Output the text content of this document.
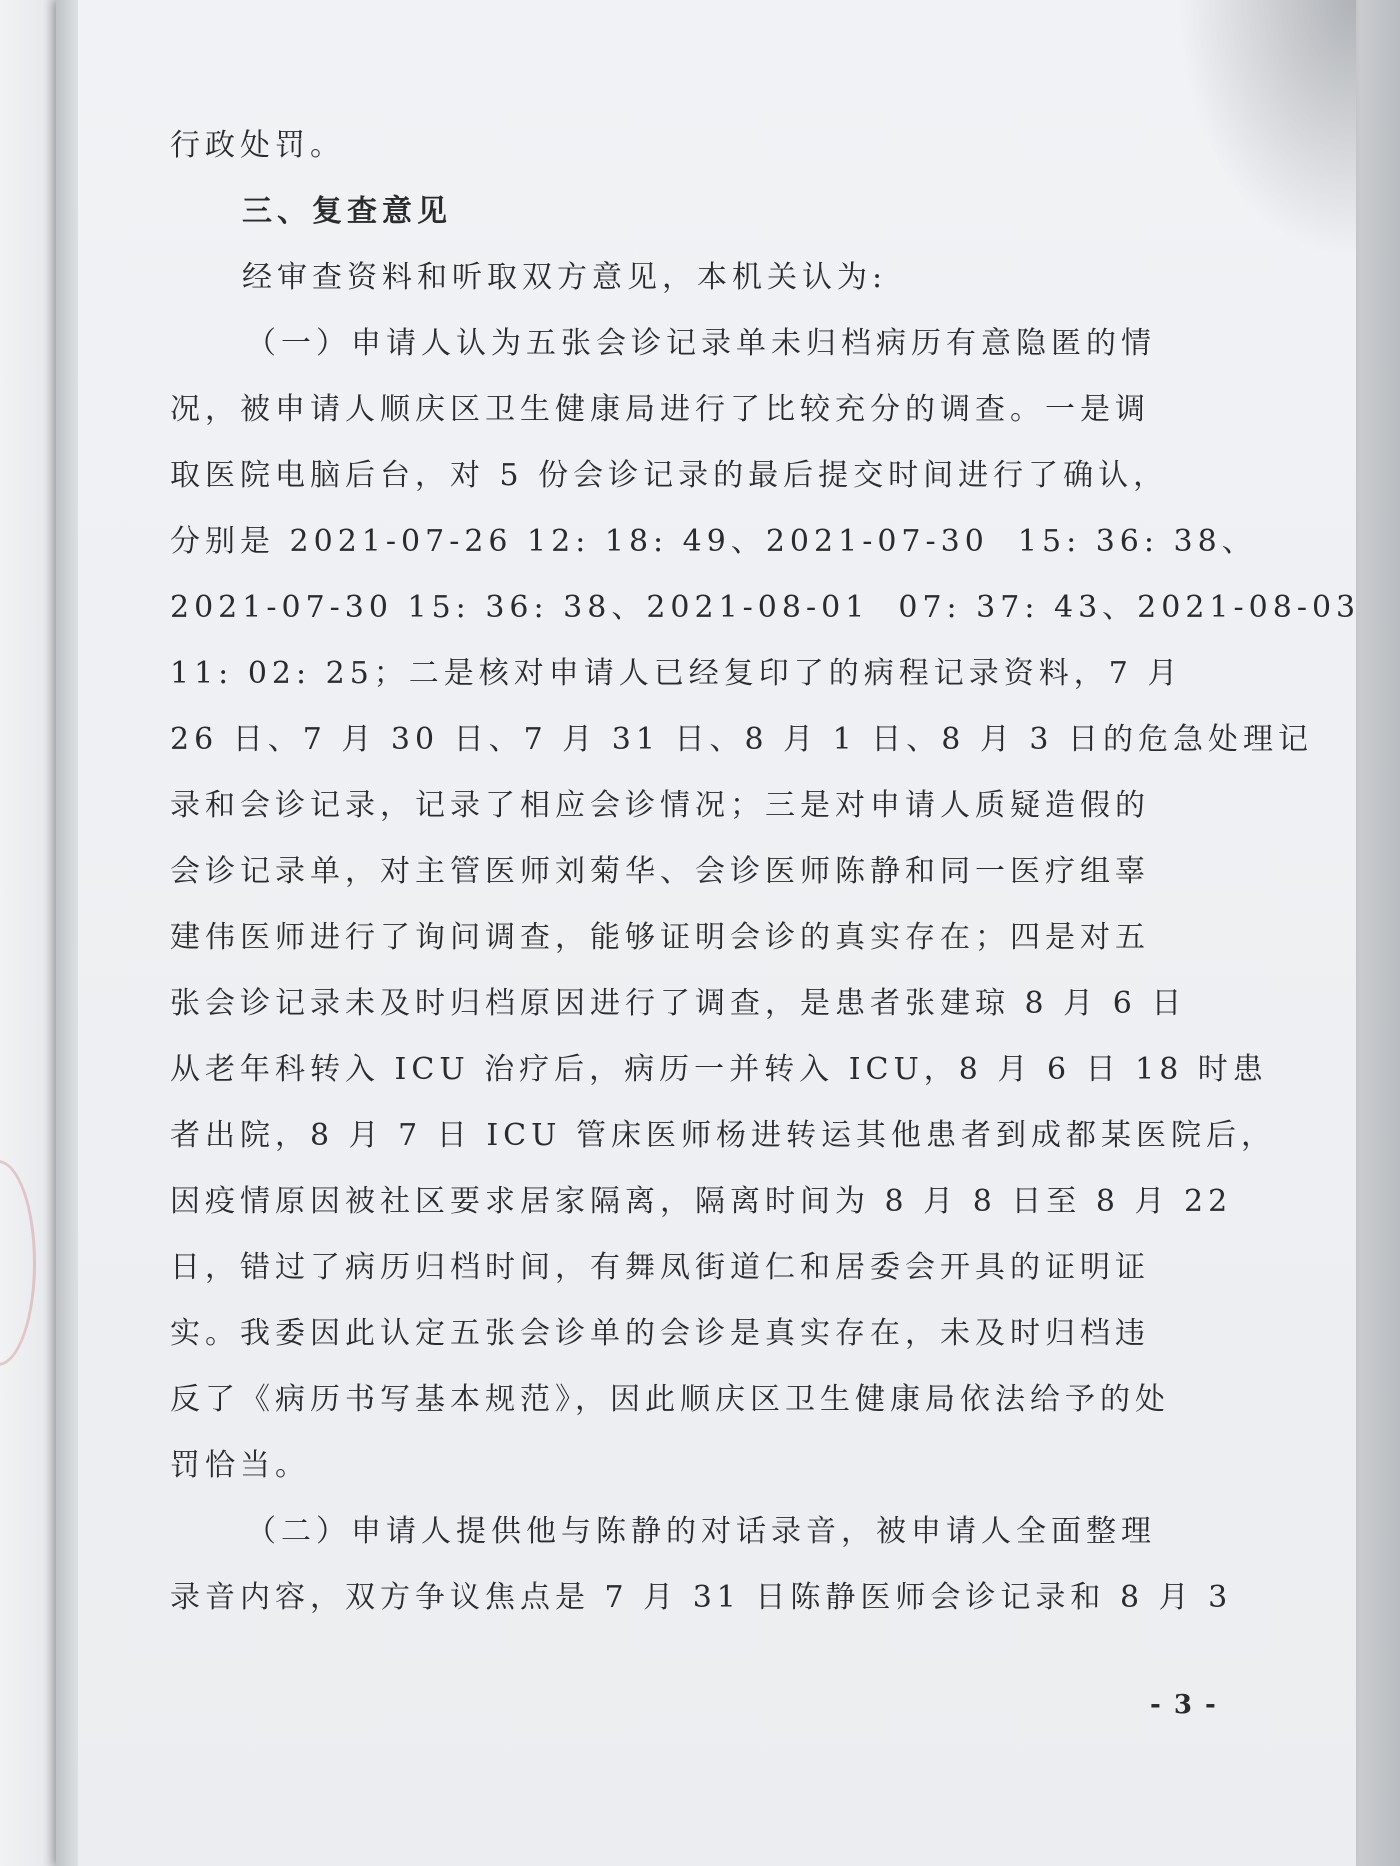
行政处罚。
三、复查意见
经审查资料和听取双方意见，本机关认为:
（一）申请人认为五张会诊记录单未归档病历有意隐匿的情
况，被申请人顺庆区卫生健康局进行了比较充分的调查。一是调
取医院电脑后台，对 5 份会诊记录的最后提交时间进行了确认，
分别是 2021-07-26 12: 18: 49、2021-07-30  15: 36: 38、
2021-07-30 15: 36: 38、2021-08-01  07: 37: 43、2021-08-03
11: 02: 25；二是核对申请人已经复印了的病程记录资料，7 月
26 日、7 月 30 日、7 月 31 日、8 月 1 日、8 月 3 日的危急处理记
录和会诊记录，记录了相应会诊情况；三是对申请人质疑造假的
会诊记录单，对主管医师刘菊华、会诊医师陈静和同一医疗组辜
建伟医师进行了询问调查，能够证明会诊的真实存在；四是对五
张会诊记录未及时归档原因进行了调查，是患者张建琼 8 月 6 日
从老年科转入 ICU 治疗后，病历一并转入 ICU，8 月 6 日 18 时患
者出院，8 月 7 日 ICU 管床医师杨进转运其他患者到成都某医院后，
因疫情原因被社区要求居家隔离，隔离时间为 8 月 8 日至 8 月 22
日，错过了病历归档时间，有舞凤街道仁和居委会开具的证明证
实。我委因此认定五张会诊单的会诊是真实存在，未及时归档违
反了《病历书写基本规范》，因此顺庆区卫生健康局依法给予的处
罚恰当。
（二）申请人提供他与陈静的对话录音，被申请人全面整理
录音内容，双方争议焦点是 7 月 31 日陈静医师会诊记录和 8 月 3
- 3 -
